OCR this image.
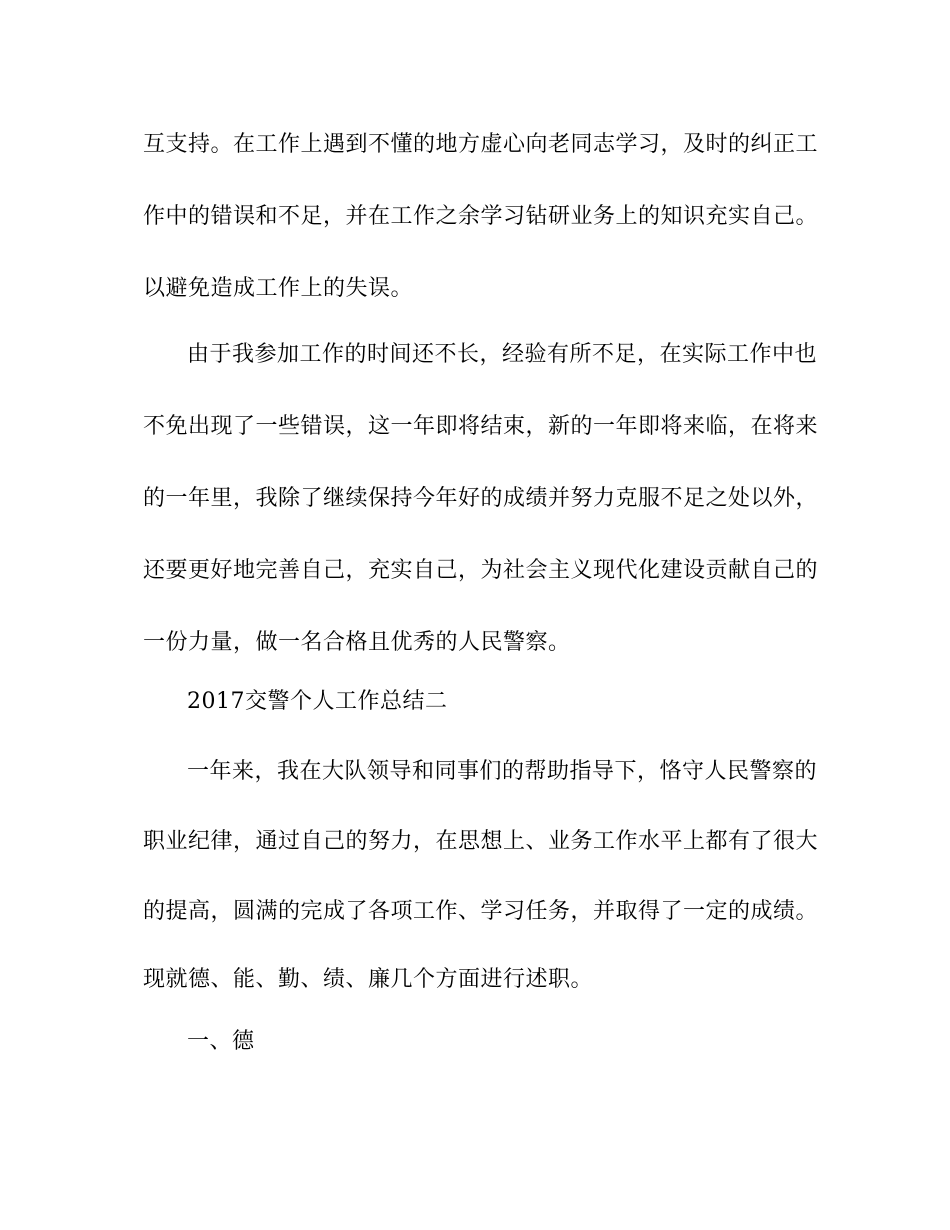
互支持。在工作上遇到不懂的地方虚心向老同志学习，及时的纠正工
作中的错误和不足，并在工作之余学习钻研业务上的知识充实自己。
以避免造成工作上的失误。
由于我参加工作的时间还不长，经验有所不足，在实际工作中也
不免出现了一些错误，这一年即将结束，新的一年即将来临，在将来
的一年里，我除了继续保持今年好的成绩并努力克服不足之处以外，
还要更好地完善自己，充实自己，为社会主义现代化建设贡献自己的
一份力量，做一名合格且优秀的人民警察。
2017交警个人工作总结二
一年来，我在大队领导和同事们的帮助指导下，恪守人民警察的
职业纪律，通过自己的努力，在思想上、业务工作水平上都有了很大
的提高，圆满的完成了各项工作、学习任务，并取得了一定的成绩。
现就德、能、勤、绩、廉几个方面进行述职。
一、德
